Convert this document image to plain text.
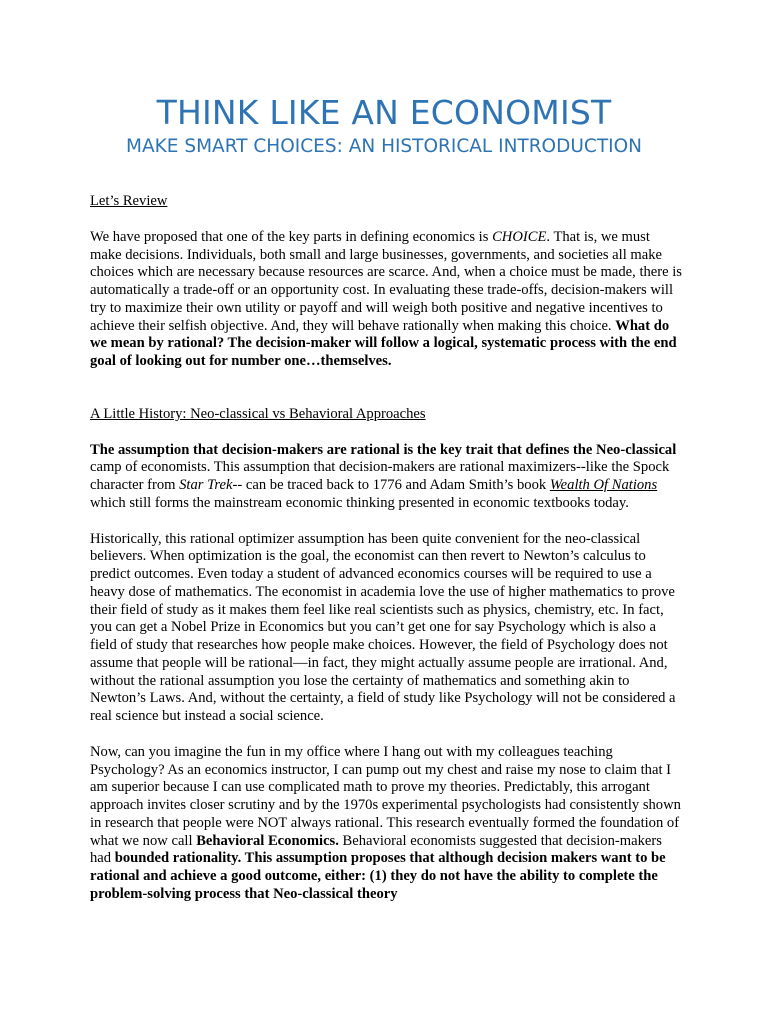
THINK LIKE AN ECONOMIST
MAKE SMART CHOICES: AN HISTORICAL INTRODUCTION

Let’s Review

We have proposed that one of the key parts in defining economics is CHOICE. That is, we must make decisions. Individuals, both small and large businesses, governments, and societies all make choices which are necessary because resources are scarce. And, when a choice must be made, there is automatically a trade-off or an opportunity cost. In evaluating these trade-offs, decision-makers will try to maximize their own utility or payoff and will weigh both positive and negative incentives to achieve their selfish objective. And, they will behave rationally when making this choice. What do we mean by rational? The decision-maker will follow a logical, systematic process with the end goal of looking out for number one…themselves.

A Little History: Neo-classical vs Behavioral Approaches

The assumption that decision-makers are rational is the key trait that defines the Neo-classical camp of economists. This assumption that decision-makers are rational maximizers--like the Spock character from Star Trek-- can be traced back to 1776 and Adam Smith’s book Wealth Of Nations which still forms the mainstream economic thinking presented in economic textbooks today.

Historically, this rational optimizer assumption has been quite convenient for the neo-classical believers. When optimization is the goal, the economist can then revert to Newton’s calculus to predict outcomes. Even today a student of advanced economics courses will be required to use a heavy dose of mathematics. The economist in academia love the use of higher mathematics to prove their field of study as it makes them feel like real scientists such as physics, chemistry, etc. In fact, you can get a Nobel Prize in Economics but you can’t get one for say Psychology which is also a field of study that researches how people make choices. However, the field of Psychology does not assume that people will be rational—in fact, they might actually assume people are irrational. And, without the rational assumption you lose the certainty of mathematics and something akin to Newton’s Laws. And, without the certainty, a field of study like Psychology will not be considered a real science but instead a social science.

Now, can you imagine the fun in my office where I hang out with my colleagues teaching Psychology? As an economics instructor, I can pump out my chest and raise my nose to claim that I am superior because I can use complicated math to prove my theories. Predictably, this arrogant approach invites closer scrutiny and by the 1970s experimental psychologists had consistently shown in research that people were NOT always rational. This research eventually formed the foundation of what we now call Behavioral Economics. Behavioral economists suggested that decision-makers had bounded rationality. This assumption proposes that although decision makers want to be rational and achieve a good outcome, either: (1) they do not have the ability to complete the problem-solving process that Neo-classical theory
